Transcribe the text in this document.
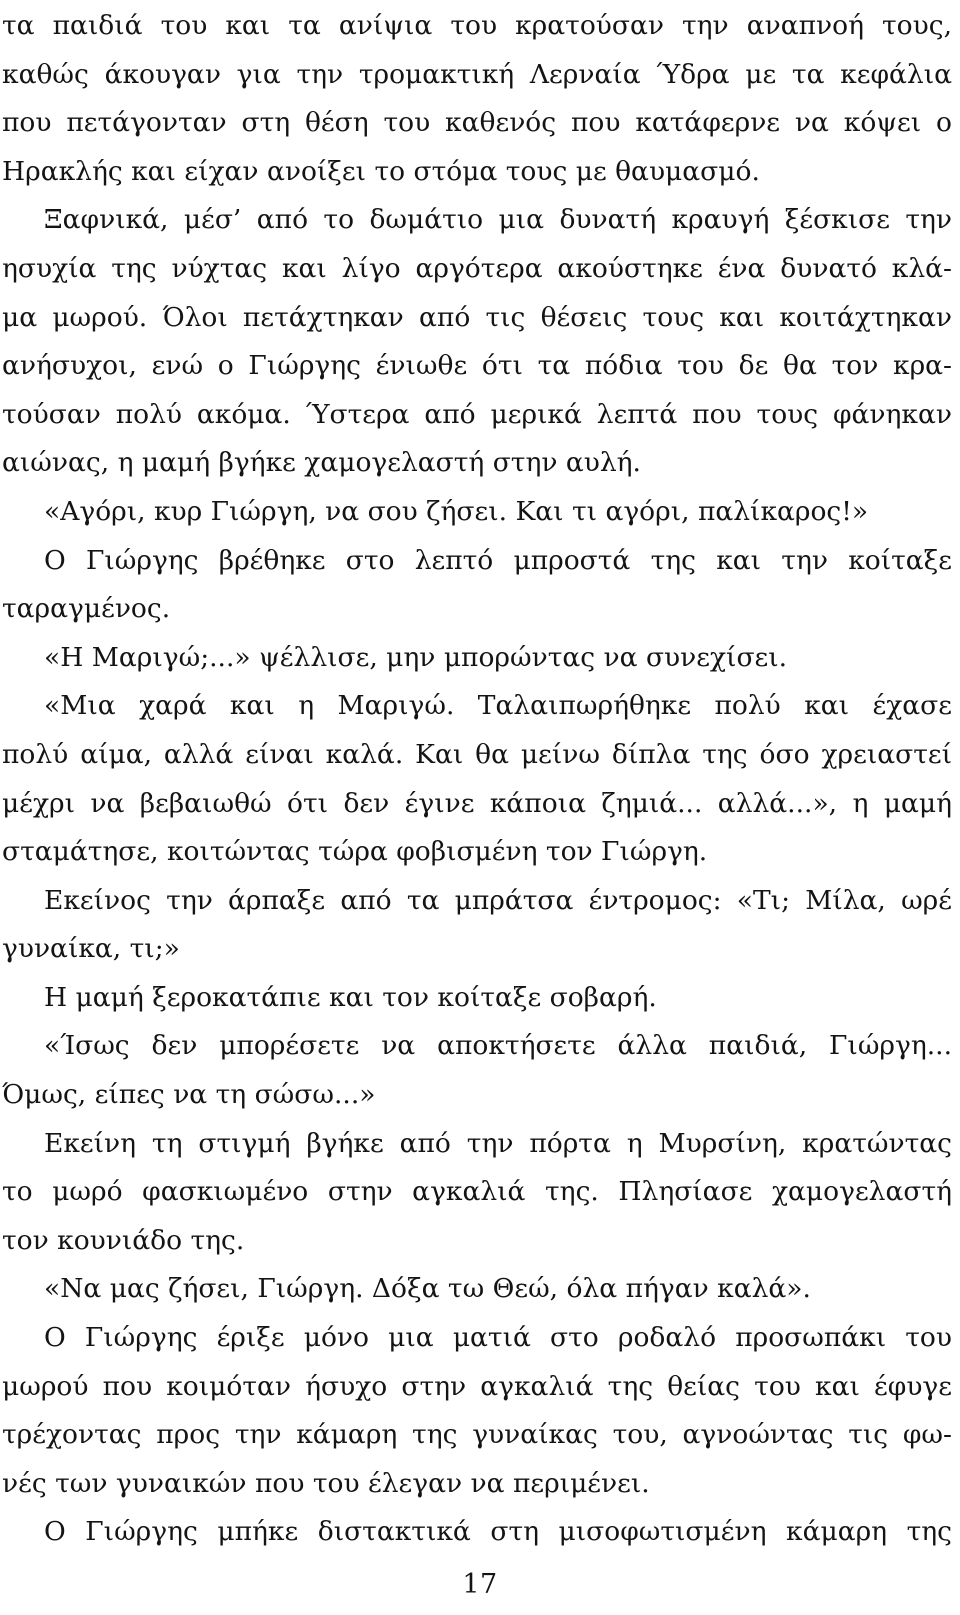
τα παιδιά του και τα ανίψια του κρατούσαν την αναπνοή τους,
καθώς άκουγαν για την τρομακτική Λερναία Ύδρα με τα κεφάλια
που πετάγονταν στη θέση του καθενός που κατάφερνε να κόψει ο
Ηρακλής και είχαν ανοίξει το στόμα τους με θαυμασμό.
Ξαφνικά, μέσ’ από το δωμάτιο μια δυνατή κραυγή ξέσκισε την
ησυχία της νύχτας και λίγο αργότερα ακούστηκε ένα δυνατό κλά-
μα μωρού. Όλοι πετάχτηκαν από τις θέσεις τους και κοιτάχτηκαν
ανήσυχοι, ενώ ο Γιώργης ένιωθε ότι τα πόδια του δε θα τον κρα-
τούσαν πολύ ακόμα. Ύστερα από μερικά λεπτά που τους φάνηκαν
αιώνας, η μαμή βγήκε χαμογελαστή στην αυλή.
«Αγόρι, κυρ Γιώργη, να σου ζήσει. Και τι αγόρι, παλίκαρος!»
Ο Γιώργης βρέθηκε στο λεπτό μπροστά της και την κοίταξε
ταραγμένος.
«Η Μαριγώ;...» ψέλλισε, μην μπορώντας να συνεχίσει.
«Μια χαρά και η Μαριγώ. Ταλαιπωρήθηκε πολύ και έχασε
πολύ αίμα, αλλά είναι καλά. Και θα μείνω δίπλα της όσο χρειαστεί
μέχρι να βεβαιωθώ ότι δεν έγινε κάποια ζημιά... αλλά...», η μαμή
σταμάτησε, κοιτώντας τώρα φοβισμένη τον Γιώργη.
Εκείνος την άρπαξε από τα μπράτσα έντρομος: «Τι; Μίλα, ωρέ
γυναίκα, τι;»
Η μαμή ξεροκατάπιε και τον κοίταξε σοβαρή.
«Ίσως δεν μπορέσετε να αποκτήσετε άλλα παιδιά, Γιώργη...
Όμως, είπες να τη σώσω...»
Εκείνη τη στιγμή βγήκε από την πόρτα η Μυρσίνη, κρατώντας
το μωρό φασκιωμένο στην αγκαλιά της. Πλησίασε χαμογελαστή
τον κουνιάδο της.
«Να μας ζήσει, Γιώργη. Δόξα τω Θεώ, όλα πήγαν καλά».
Ο Γιώργης έριξε μόνο μια ματιά στο ροδαλό προσωπάκι του
μωρού που κοιμόταν ήσυχο στην αγκαλιά της θείας του και έφυγε
τρέχοντας προς την κάμαρη της γυναίκας του, αγνοώντας τις φω-
νές των γυναικών που του έλεγαν να περιμένει.
Ο Γιώργης μπήκε διστακτικά στη μισοφωτισμένη κάμαρη της
17
